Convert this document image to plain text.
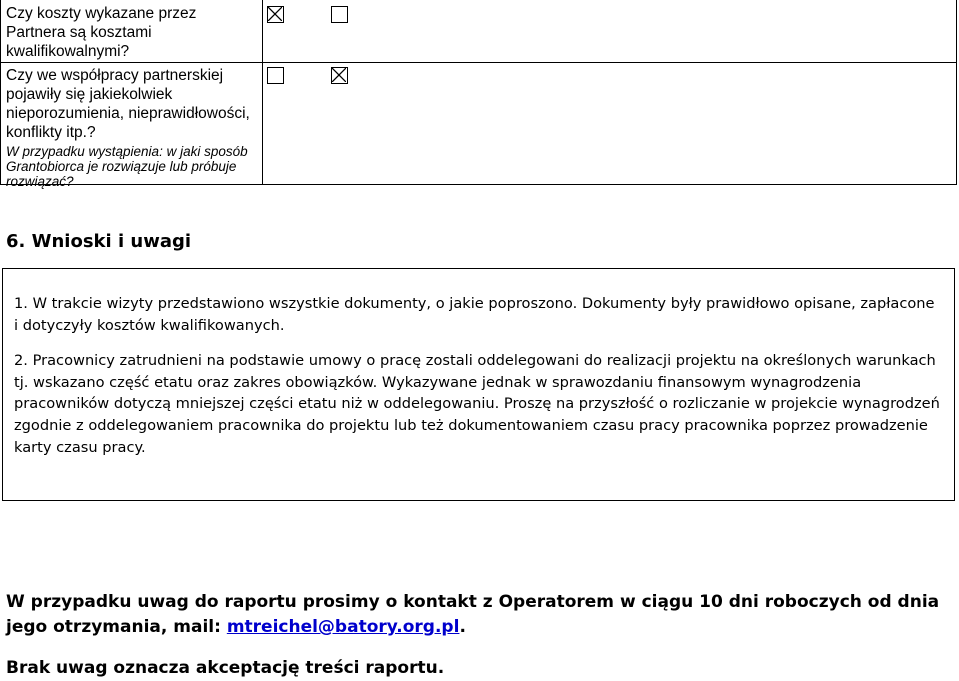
Czy koszty wykazane przez Partnera są kosztami kwalifikowalnymi?
Czy we współpracy partnerskiej pojawiły się jakiekolwiek nieporozumienia, nieprawidłowości, konflikty itp.?
W przypadku wystąpienia: w jaki sposób Grantobiorca je rozwiązuje lub próbuje rozwiązać?
6. Wnioski i uwagi
1. W trakcie wizyty przedstawiono wszystkie dokumenty, o jakie poproszono. Dokumenty były prawidłowo opisane, zapłacone i dotyczyły kosztów kwalifikowanych.
2. Pracownicy zatrudnieni na podstawie umowy o pracę zostali oddelegowani do realizacji projektu na określonych warunkach tj. wskazano część etatu oraz zakres obowiązków. Wykazywane jednak w sprawozdaniu finansowym wynagrodzenia pracowników dotyczą mniejszej części etatu niż w oddelegowaniu. Proszę na przyszłość o rozliczanie w projekcie wynagrodzeń zgodnie z oddelegowaniem pracownika do projektu lub też dokumentowaniem czasu pracy pracownika poprzez prowadzenie karty czasu pracy.
W przypadku uwag do raportu prosimy o kontakt z Operatorem w ciągu 10 dni roboczych od dnia jego otrzymania, mail: mtreichel@batory.org.pl.
Brak uwag oznacza akceptację treści raportu.
